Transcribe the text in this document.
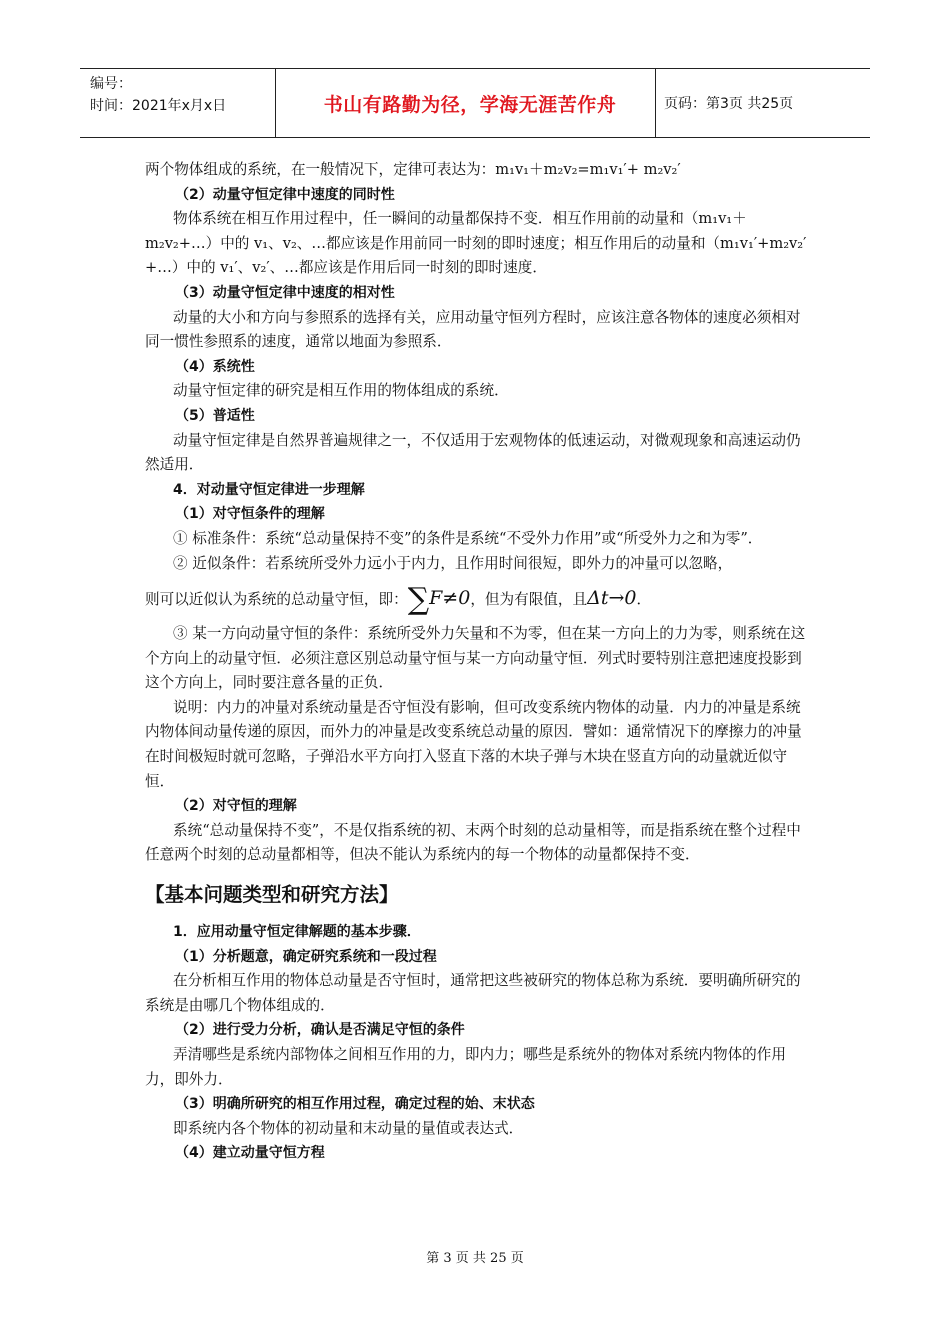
编号：
时间：2021年x月x日	书山有路勤为径，学海无涯苦作舟	页码：第3页 共25页

两个物体组成的系统，在一般情况下，定律可表达为：m₁v₁＋m₂v₂=m₁v₁′+ m₂v₂′

（2）动量守恒定律中速度的同时性

物体系统在相互作用过程中，任一瞬间的动量都保持不变．相互作用前的动量和（m₁v₁＋m₂v₂+…）中的 v₁、v₂、…都应该是作用前同一时刻的即时速度；相互作用后的动量和（m₁v₁′+m₂v₂′+…）中的 v₁′、v₂′、…都应该是作用后同一时刻的即时速度．

（3）动量守恒定律中速度的相对性

动量的大小和方向与参照系的选择有关，应用动量守恒列方程时，应该注意各物体的速度必须相对同一惯性参照系的速度，通常以地面为参照系．

（4）系统性

动量守恒定律的研究是相互作用的物体组成的系统．

（5）普适性

动量守恒定律是自然界普遍规律之一，不仅适用于宏观物体的低速运动，对微观现象和高速运动仍然适用．

4．对动量守恒定律进一步理解

（1）对守恒条件的理解

① 标准条件：系统“总动量保持不变”的条件是系统“不受外力作用”或“所受外力之和为零”．

② 近似条件：若系统所受外力远小于内力，且作用时间很短，即外力的冲量可以忽略，

则可以近似认为系统的总动量守恒，即：∑F≠0，但为有限值，且Δt→0．

③ 某一方向动量守恒的条件：系统所受外力矢量和不为零，但在某一方向上的力为零，则系统在这个方向上的动量守恒．必须注意区别总动量守恒与某一方向动量守恒．列式时要特别注意把速度投影到这个方向上，同时要注意各量的正负．

说明：内力的冲量对系统动量是否守恒没有影响，但可改变系统内物体的动量．内力的冲量是系统内物体间动量传递的原因，而外力的冲量是改变系统总动量的原因．譬如：通常情况下的摩擦力的冲量在时间极短时就可忽略，子弹沿水平方向打入竖直下落的木块子弹与木块在竖直方向的动量就近似守恒．

（2）对守恒的理解

系统“总动量保持不变”，不是仅指系统的初、末两个时刻的总动量相等，而是指系统在整个过程中任意两个时刻的总动量都相等，但决不能认为系统内的每一个物体的动量都保持不变．

【基本问题类型和研究方法】

1．应用动量守恒定律解题的基本步骤．

（1）分析题意，确定研究系统和一段过程

在分析相互作用的物体总动量是否守恒时，通常把这些被研究的物体总称为系统．要明确所研究的系统是由哪几个物体组成的．

（2）进行受力分析，确认是否满足守恒的条件

弄清哪些是系统内部物体之间相互作用的力，即内力；哪些是系统外的物体对系统内物体的作用力，即外力．

（3）明确所研究的相互作用过程，确定过程的始、末状态

即系统内各个物体的初动量和末动量的量值或表达式．

（4）建立动量守恒方程

第 3 页 共 25 页
